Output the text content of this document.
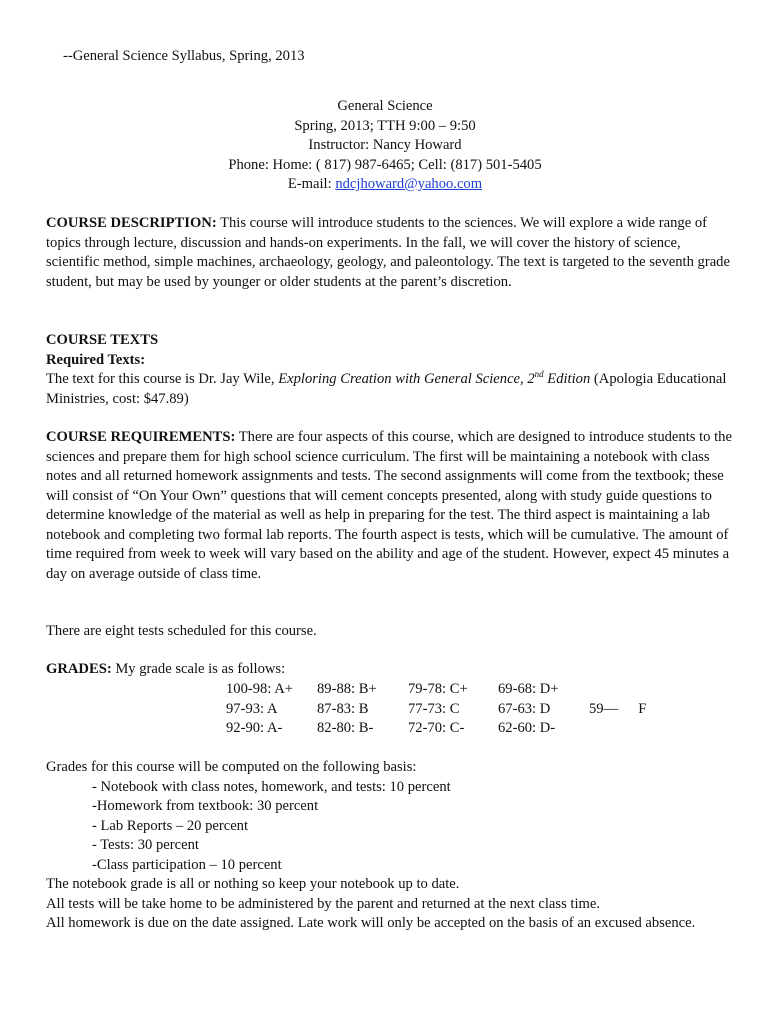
--General Science Syllabus, Spring, 2013
General Science
Spring, 2013; TTH 9:00 – 9:50
Instructor: Nancy Howard
Phone: Home: ( 817) 987-6465; Cell: (817) 501-5405
E-mail: ndcjhoward@yahoo.com
COURSE DESCRIPTION: This course will introduce students to the sciences. We will explore a wide range of topics through lecture, discussion and hands-on experiments. In the fall, we will cover the history of science, scientific method, simple machines, archaeology, geology, and paleontology. The text is targeted to the seventh grade student, but may be used by younger or older students at the parent’s discretion.
COURSE TEXTS
Required Texts:
The text for this course is Dr. Jay Wile, Exploring Creation with General Science, 2nd Edition (Apologia Educational Ministries, cost: $47.89)
COURSE REQUIREMENTS: There are four aspects of this course, which are designed to introduce students to the sciences and prepare them for high school science curriculum. The first will be maintaining a notebook with class notes and all returned homework assignments and tests. The second assignments will come from the textbook; these will consist of “On Your Own” questions that will cement concepts presented, along with study guide questions to determine knowledge of the material as well as help in preparing for the test. The third aspect is maintaining a lab notebook and completing two formal lab reports. The fourth aspect is tests, which will be cumulative. The amount of time required from week to week will vary based on the ability and age of the student. However, expect 45 minutes a day on average outside of class time.
There are eight tests scheduled for this course.
GRADES: My grade scale is as follows:
100-98: A+
97-93: A
92-90: A-
89-88: B+
87-83: B
82-80: B-
79-78: C+
77-73: C
72-70: C-
69-68: D+
67-63: D
62-60: D-
59— F
Grades for this course will be computed on the following basis:
- Notebook with class notes, homework, and tests: 10 percent
-Homework from textbook: 30 percent
- Lab Reports – 20 percent
- Tests: 30 percent
-Class participation – 10 percent
The notebook grade is all or nothing so keep your notebook up to date.
All tests will be take home to be administered by the parent and returned at the next class time.
All homework is due on the date assigned. Late work will only be accepted on the basis of an excused absence.
